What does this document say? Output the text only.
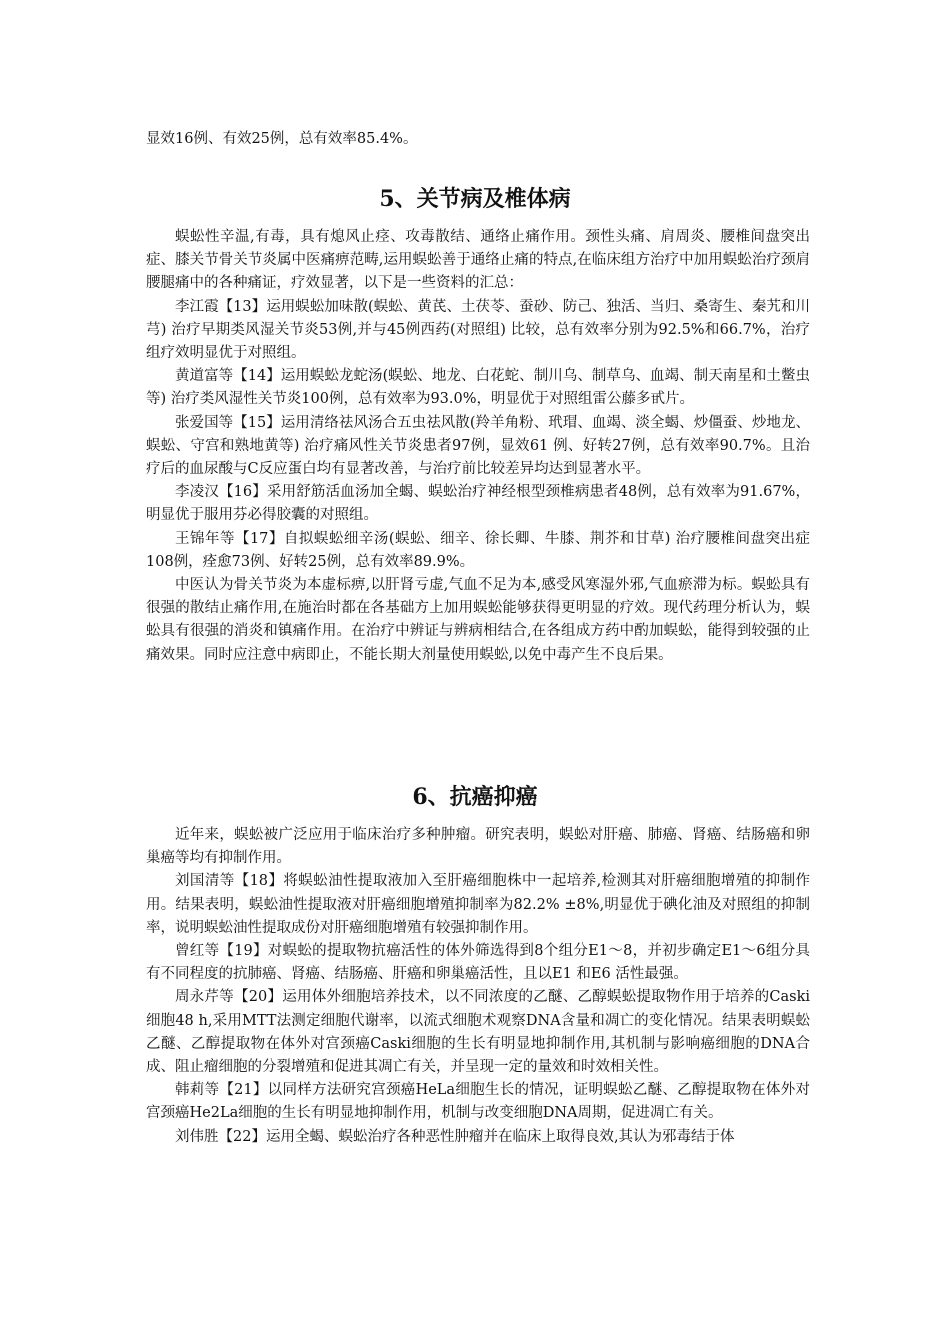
显效16例、有效25例，总有效率85.4%。

5、关节病及椎体病

蜈蚣性辛温,有毒，具有熄风止痉、攻毒散结、通络止痛作用。颈性头痛、肩周炎、腰椎间盘突出症、膝关节骨关节炎属中医痛痹范畴,运用蜈蚣善于通络止痛的特点,在临床组方治疗中加用蜈蚣治疗颈肩腰腿痛中的各种痛证，疗效显著，以下是一些资料的汇总：

李江霞【13】运用蜈蚣加味散(蜈蚣、黄芪、土茯苓、蚕砂、防己、独活、当归、桑寄生、秦艽和川芎) 治疗早期类风湿关节炎53例,并与45例西药(对照组) 比较，总有效率分别为92.5%和66.7%，治疗组疗效明显优于对照组。

黄道富等【14】运用蜈蚣龙蛇汤(蜈蚣、地龙、白花蛇、制川乌、制草乌、血竭、制天南星和土鳖虫等) 治疗类风湿性关节炎100例，总有效率为93.0%，明显优于对照组雷公藤多甙片。

张爱国等【15】运用清络祛风汤合五虫祛风散(羚羊角粉、玳瑁、血竭、淡全蝎、炒僵蚕、炒地龙、蜈蚣、守宫和熟地黄等) 治疗痛风性关节炎患者97例，显效61 例、好转27例，总有效率90.7%。且治疗后的血尿酸与C反应蛋白均有显著改善，与治疗前比较差异均达到显著水平。

李凌汉【16】采用舒筋活血汤加全蝎、蜈蚣治疗神经根型颈椎病患者48例，总有效率为91.67%，明显优于服用芬必得胶囊的对照组。

王锦年等【17】自拟蜈蚣细辛汤(蜈蚣、细辛、徐长卿、牛膝、荆芥和甘草) 治疗腰椎间盘突出症108例，痊愈73例、好转25例，总有效率89.9%。

中医认为骨关节炎为本虚标痹,以肝肾亏虚,气血不足为本,感受风寒湿外邪,气血瘀滞为标。蜈蚣具有很强的散结止痛作用,在施治时都在各基础方上加用蜈蚣能够获得更明显的疗效。现代药理分析认为，蜈蚣具有很强的消炎和镇痛作用。在治疗中辨证与辨病相结合,在各组成方药中酌加蜈蚣，能得到较强的止痛效果。同时应注意中病即止，不能长期大剂量使用蜈蚣,以免中毒产生不良后果。

6、抗癌抑癌

近年来，蜈蚣被广泛应用于临床治疗多种肿瘤。研究表明，蜈蚣对肝癌、肺癌、肾癌、结肠癌和卵巢癌等均有抑制作用。

刘国清等【18】将蜈蚣油性提取液加入至肝癌细胞株中一起培养,检测其对肝癌细胞增殖的抑制作用。结果表明，蜈蚣油性提取液对肝癌细胞增殖抑制率为82.2% ±8%,明显优于碘化油及对照组的抑制率，说明蜈蚣油性提取成份对肝癌细胞增殖有较强抑制作用。

曾红等【19】对蜈蚣的提取物抗癌活性的体外筛选得到8个组分E1～8，并初步确定E1～6组分具有不同程度的抗肺癌、肾癌、结肠癌、肝癌和卵巢癌活性，且以E1 和E6 活性最强。

周永芹等【20】运用体外细胞培养技术，以不同浓度的乙醚、乙醇蜈蚣提取物作用于培养的Caski细胞48 h,采用MTT法测定细胞代谢率，以流式细胞术观察DNA含量和凋亡的变化情况。结果表明蜈蚣乙醚、乙醇提取物在体外对宫颈癌Caski细胞的生长有明显地抑制作用,其机制与影响癌细胞的DNA合成、阻止瘤细胞的分裂增殖和促进其凋亡有关，并呈现一定的量效和时效相关性。

韩莉等【21】以同样方法研究宫颈癌HeLa细胞生长的情况，证明蜈蚣乙醚、乙醇提取物在体外对宫颈癌He2La细胞的生长有明显地抑制作用，机制与改变细胞DNA周期，促进凋亡有关。

刘伟胜【22】运用全蝎、蜈蚣治疗各种恶性肿瘤并在临床上取得良效,其认为邪毒结于体
